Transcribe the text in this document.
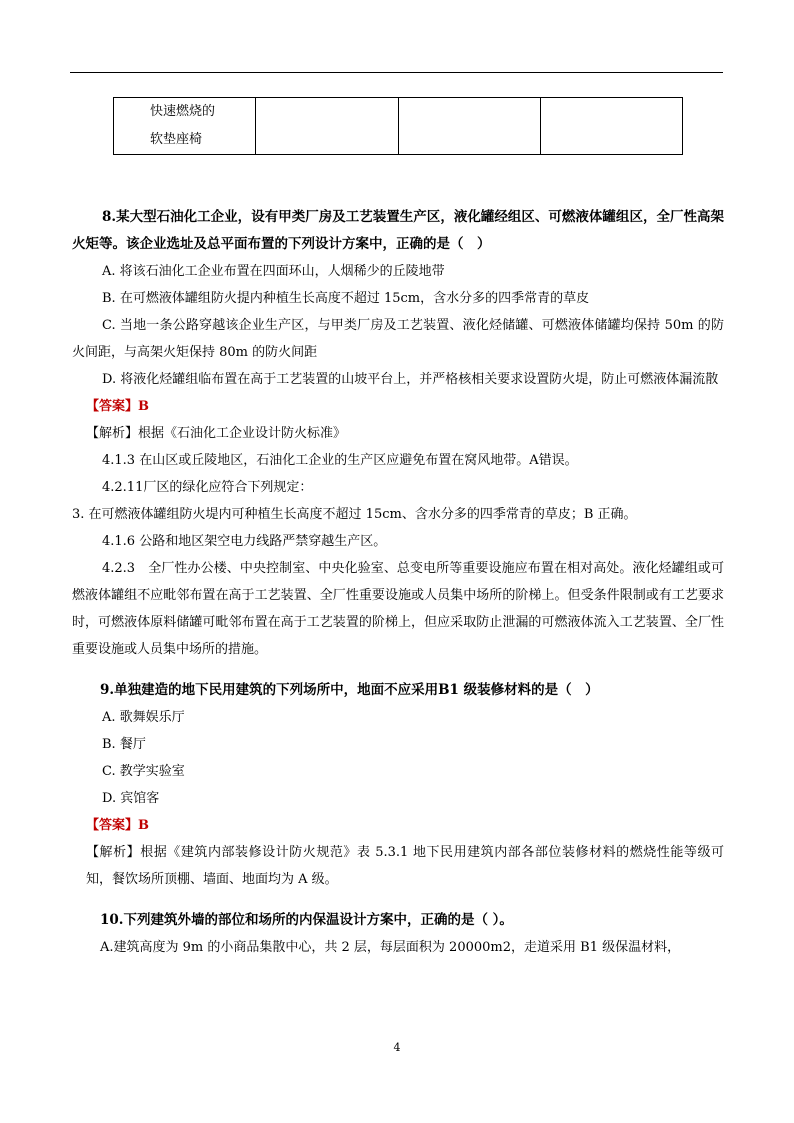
快速燃烧的软垫座椅

8.某大型石油化工企业，设有甲类厂房及工艺装置生产区，液化罐经组区、可燃液体罐组区，全厂性高架火矩等。该企业选址及总平面布置的下列设计方案中，正确的是（　）

A. 将该石油化工企业布置在四面环山，人烟稀少的丘陵地带

B. 在可燃液体罐组防火提内种植生长高度不超过 15cm，含水分多的四季常青的草皮

C. 当地一条公路穿越该企业生产区，与甲类厂房及工艺装置、液化烃储罐、可燃液体储罐均保持 50m 的防火间距，与高架火矩保持 80m 的防火间距

D. 将液化烃罐组临布置在高于工艺装置的山坡平台上，并严格核相关要求设置防火堤，防止可燃液体漏流散

【答案】B

【解析】根据《石油化工企业设计防火标准》

4.1.3 在山区或丘陵地区，石油化工企业的生产区应避免布置在窝风地带。A错误。

4.2.11厂区的绿化应符合下列规定：

3. 在可燃液体罐组防火堤内可种植生长高度不超过 15cm、含水分多的四季常青的草皮；B 正确。

4.1.6 公路和地区架空电力线路严禁穿越生产区。

4.2.3　全厂性办公楼、中央控制室、中央化验室、总变电所等重要设施应布置在相对高处。液化烃罐组或可燃液体罐组不应毗邻布置在高于工艺装置、全厂性重要设施或人员集中场所的阶梯上。但受条件限制或有工艺要求时，可燃液体原料储罐可毗邻布置在高于工艺装置的阶梯上，但应采取防止泄漏的可燃液体流入工艺装置、全厂性重要设施或人员集中场所的措施。

9.单独建造的地下民用建筑的下列场所中，地面不应采用B1 级装修材料的是（　）

A. 歌舞娱乐厅

B. 餐厅

C. 教学实验室

D. 宾馆客

【答案】B

【解析】根据《建筑内部装修设计防火规范》表 5.3.1 地下民用建筑内部各部位装修材料的燃烧性能等级可知，餐饮场所顶棚、墙面、地面均为 A 级。

10.下列建筑外墙的部位和场所的内保温设计方案中，正确的是（ ）。

A.建筑高度为 9m 的小商品集散中心，共 2 层，每层面积为 20000m2，走道采用 B1 级保温材料，

4
